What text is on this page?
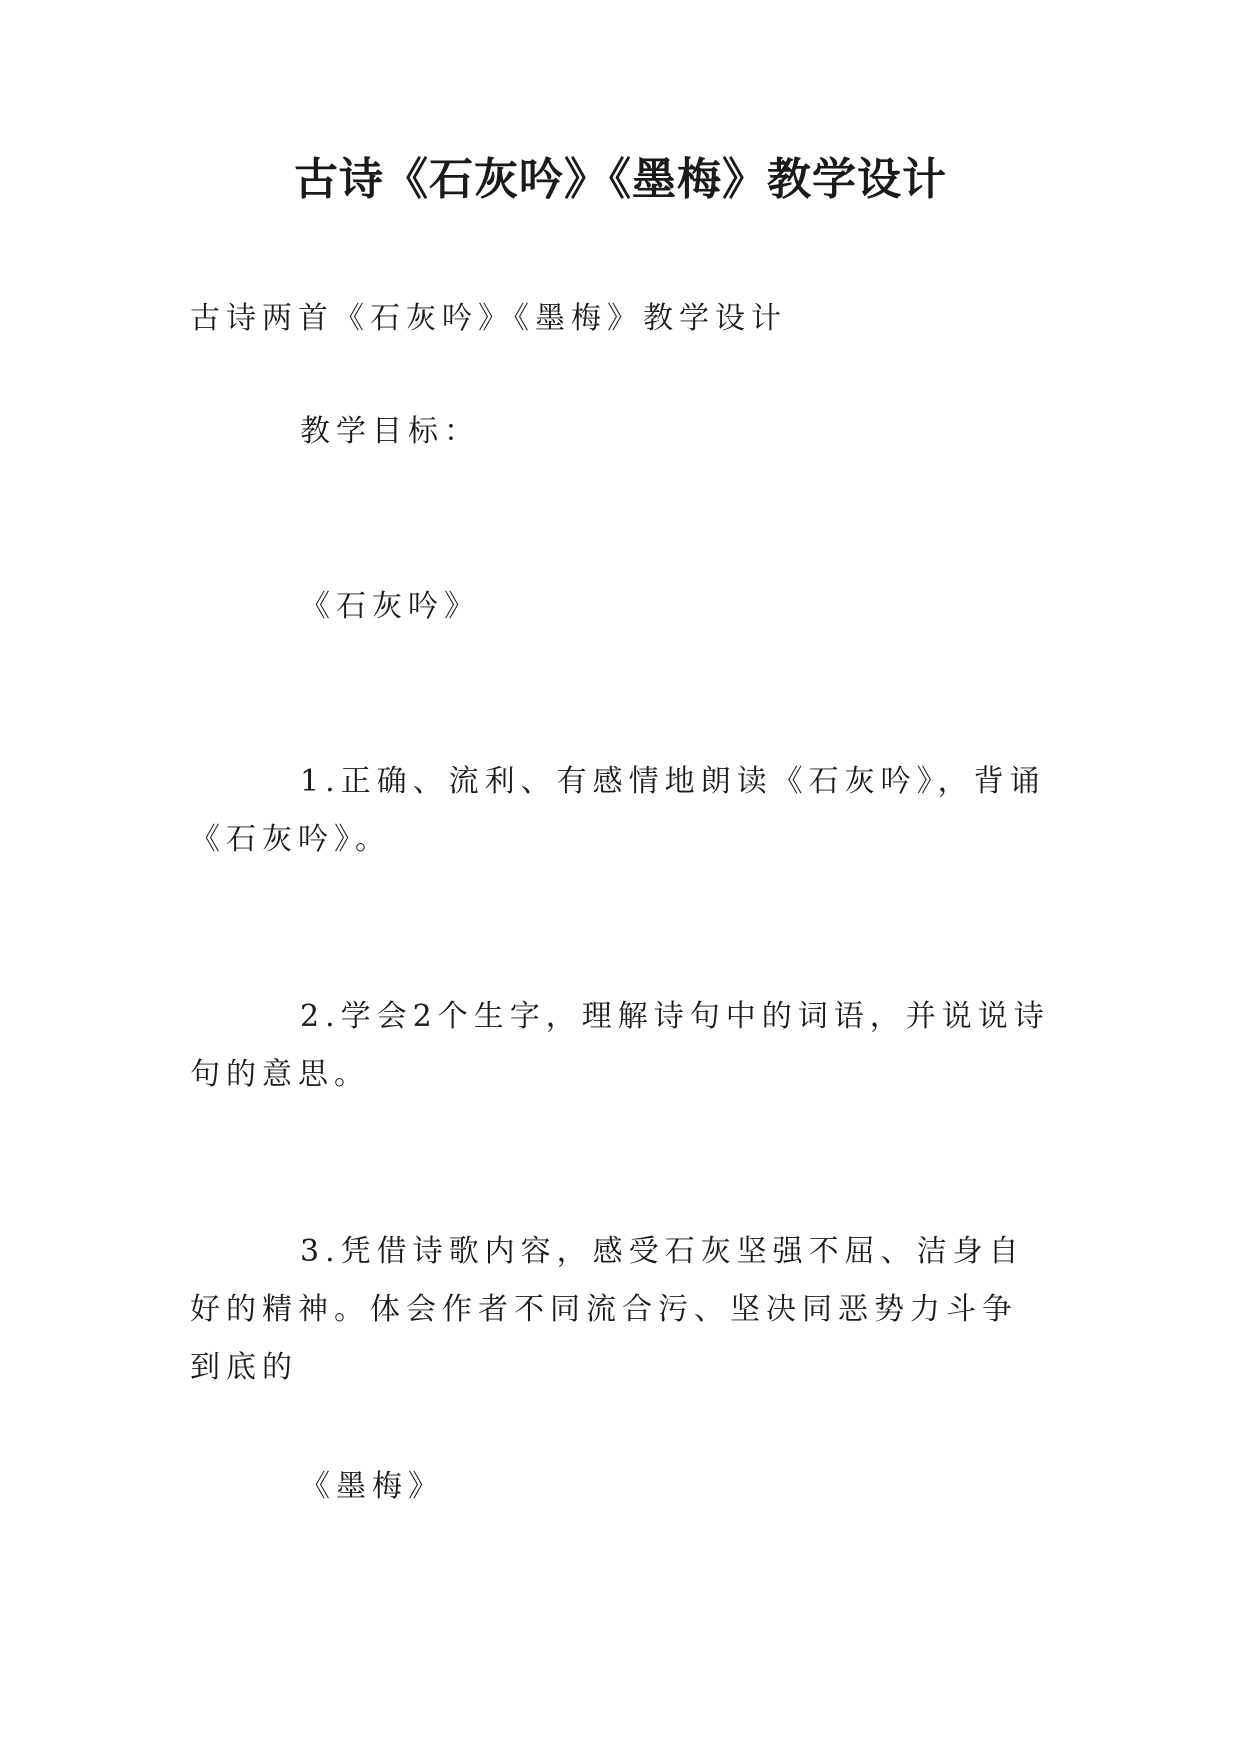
古诗《石灰吟》《墨梅》教学设计

古诗两首《石灰吟》《墨梅》教学设计

教学目标：

《石灰吟》

1.正确、流利、有感情地朗读《石灰吟》，背诵《石灰吟》。

2.学会2个生字，理解诗句中的词语，并说说诗句的意思。

3.凭借诗歌内容，感受石灰坚强不屈、洁身自好的精神。体会作者不同流合污、坚决同恶势力斗争到底的

《墨梅》
